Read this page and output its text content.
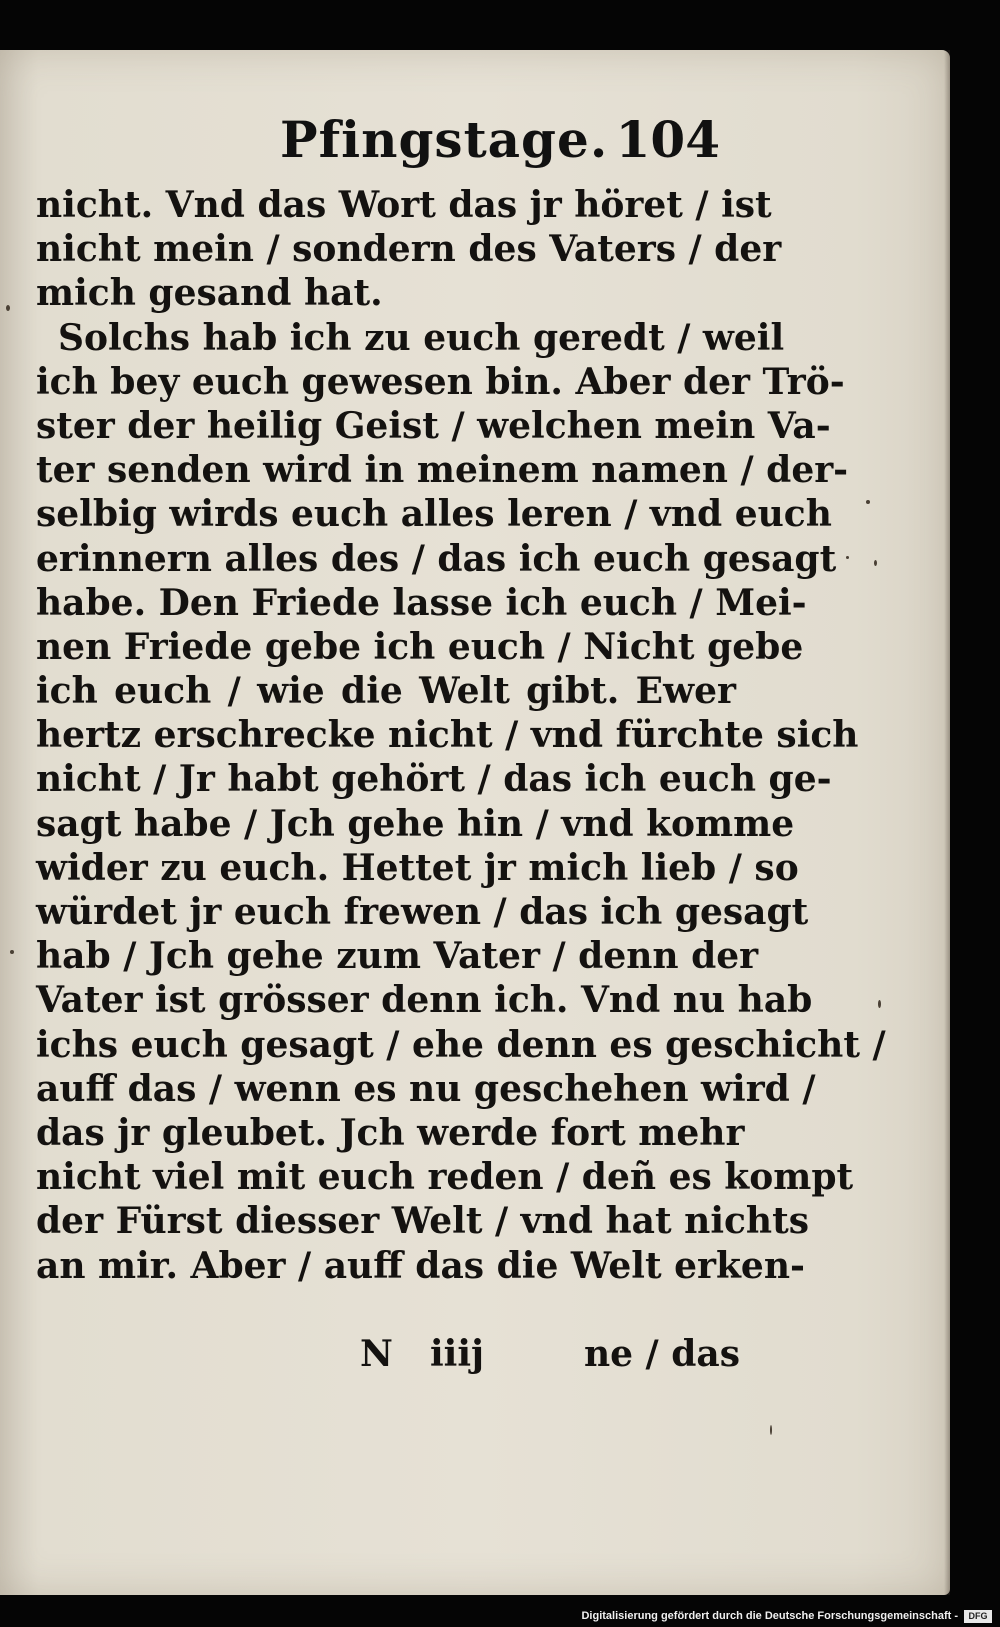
Pfingstage. 104
nicht. Vnd das Wort das jr höret / ist
nicht mein / sondern des Vaters / der
mich gesand hat.
Solchs hab ich zu euch geredt / weil
ich bey euch gewesen bin. Aber der Trö-
ster der heilig Geist / welchen mein Va-
ter senden wird in meinem namen / der-
selbig wirds euch alles leren / vnd euch
erinnern alles des / das ich euch gesagt
habe. Den Friede lasse ich euch / Mei-
nen Friede gebe ich euch / Nicht gebe
ich euch / wie die Welt gibt. Ewer
hertz erschrecke nicht / vnd fürchte sich
nicht / Jr habt gehört / das ich euch ge-
sagt habe / Jch gehe hin / vnd komme
wider zu euch. Hettet jr mich lieb / so
würdet jr euch frewen / das ich gesagt
hab / Jch gehe zum Vater / denn der
Vater ist grösser denn ich. Vnd nu hab
ichs euch gesagt / ehe denn es geschicht /
auff das / wenn es nu geschehen wird /
das jr gleubet. Jch werde fort mehr
nicht viel mit euch reden / deñ es kompt
der Fürst diesser Welt / vnd hat nichts
an mir. Aber / auff das die Welt erken-
N iiij	ne / das
Digitalisierung gefördert durch die Deutsche Forschungsgemeinschaft -	DFG
